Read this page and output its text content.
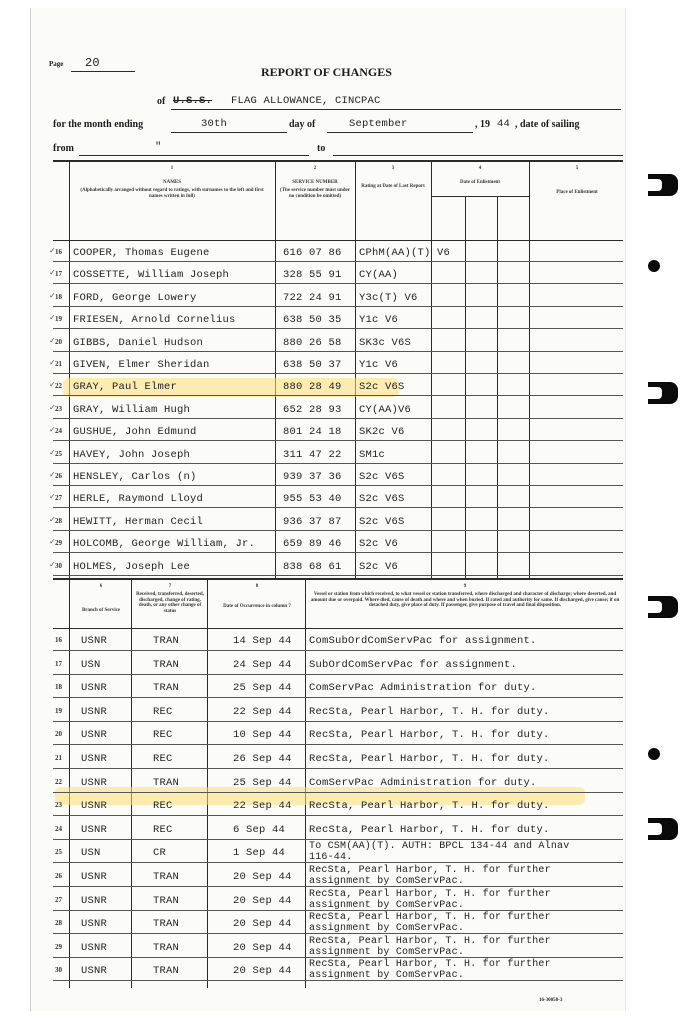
Page 20
REPORT OF CHANGES
of U.S.S. FLAG ALLOWANCE, CINCPAC
for the month ending	30th	day of	September	, 19 44 , date of sailing
from	"	to
1
NAMES
(Alphabetically arranged without regard to ratings, with surnames to the left and first names written in full)
2
SERVICE NUMBER
(The service number must under no condition be omitted)
3
Rating at Date of Last Report
4
Date of Enlistment
5
Place of Enlistment
16
✓ COOPER, Thomas Eugene	616 07 86 CPhM(AA)(T) V6
17
✓ COSSETTE, William Joseph	328 55 91 CY(AA)
18
✓ FORD, George Lowery	722 24 91 Y3c(T) V6
19
✓ FRIESEN, Arnold Cornelius	638 50 35 Y1c V6
20
✓ GIBBS, Daniel Hudson	880 26 58 SK3c V6S
21
✓ GIVEN, Elmer Sheridan	638 50 37 Y1c V6
22
✓ GRAY, Paul Elmer	880 28 49 S2c V6S
23
✓ GRAY, William Hugh	652 28 93 CY(AA)V6
24
✓ GUSHUE, John Edmund	801 24 18 SK2c V6
25
✓ HAVEY, John Joseph	311 47 22 SM1c
26
✓ HENSLEY, Carlos (n)	939 37 36 S2c V6S
27
✓ HERLE, Raymond Lloyd	955 53 40 S2c V6S
28
✓ HEWITT, Herman Cecil	936 37 87 S2c V6S
29
✓ HOLCOMB, George William, Jr.	659 89 46 S2c V6
30
✓ HOLMES, Joseph Lee	838 68 61 S2c V6
6
Branch of Service
7
Received, transferred, deserted, discharged, change of rating, death, or any other change of status
8
Date of Occurrence in column 7
9
Vessel or station from which received, to what vessel or station transferred, where discharged and character of discharge; where deserted, and amount due or overpaid. Where died, cause of death and where and when buried. If rated and authority for same. If discharged, give cause; if on detached duty, give place of duty. If passenger, give purpose of travel and final disposition.
16 USNR	TRAN	14 Sep 44 ComSubOrdComServPac for assignment.
17 USN	TRAN	24 Sep 44 SubOrdComServPac for assignment.
18 USNR	TRAN	25 Sep 44 ComServPac Administration for duty.
19 USNR	REC	22 Sep 44 RecSta, Pearl Harbor, T. H. for duty.
20 USNR	REC	10 Sep 44 RecSta, Pearl Harbor, T. H. for duty.
21 USNR	REC	26 Sep 44 RecSta, Pearl Harbor, T. H. for duty.
22 USNR	TRAN	25 Sep 44 ComServPac Administration for duty.
23 USNR	REC	22 Sep 44 RecSta, Pearl Harbor, T. H. for duty.
24 USNR	REC	6 Sep 44 RecSta, Pearl Harbor, T. H. for duty.
25 USN	CR	1 Sep 44
To CSM(AA)(T). AUTH: BPCL 134-44 and Alnav
116-44.
26 USNR	TRAN	20 Sep 44
RecSta, Pearl Harbor, T. H. for further
assignment by ComServPac.
27 USNR	TRAN	20 Sep 44
RecSta, Pearl Harbor, T. H. for further
assignment by ComServPac.
28 USNR	TRAN	20 Sep 44
RecSta, Pearl Harbor, T. H. for further
assignment by ComServPac.
29 USNR	TRAN	20 Sep 44
RecSta, Pearl Harbor, T. H. for further
assignment by ComServPac.
30 USNR	TRAN	20 Sep 44
RecSta, Pearl Harbor, T. H. for further
assignment by ComServPac.
16-30050-3
